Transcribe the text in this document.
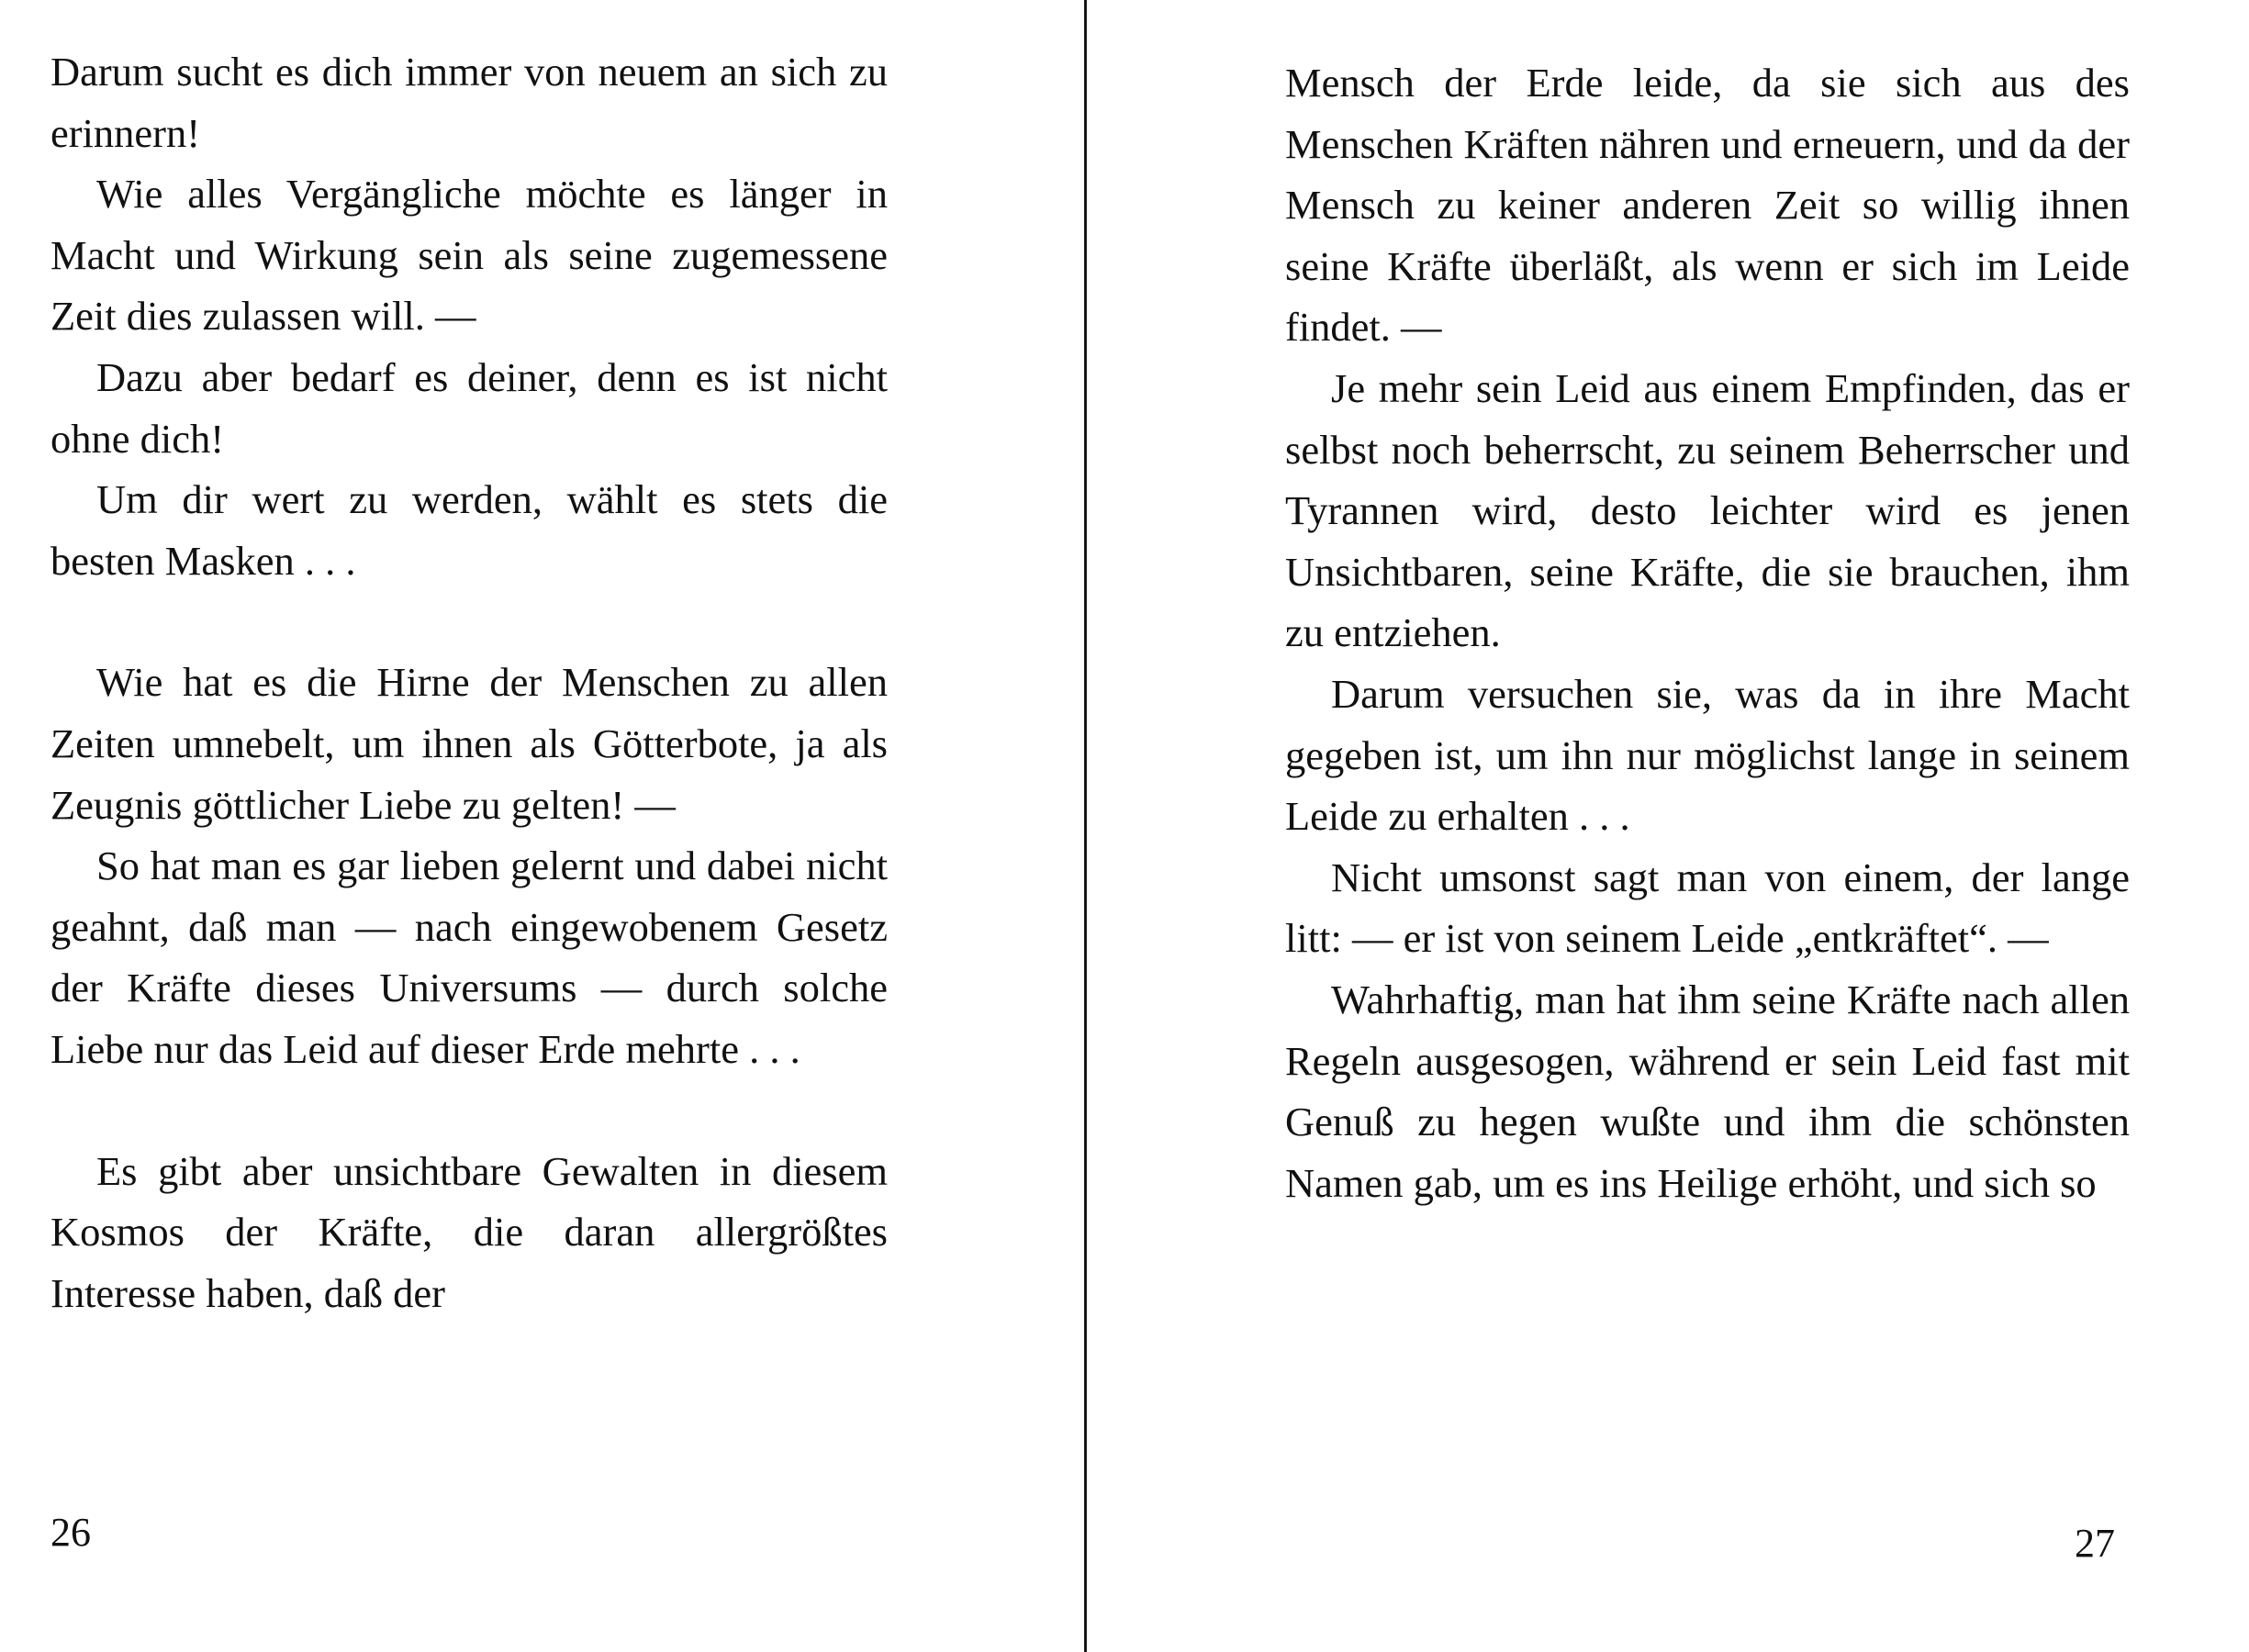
Darum sucht es dich immer von neuem an sich zu erinnern!

Wie alles Vergängliche möchte es länger in Macht und Wirkung sein als seine zugemessene Zeit dies zulassen will. —

Dazu aber bedarf es deiner, denn es ist nicht ohne dich!

Um dir wert zu werden, wählt es stets die besten Masken . . .

Wie hat es die Hirne der Menschen zu allen Zeiten umnebelt, um ihnen als Götterbote, ja als Zeugnis göttlicher Liebe zu gelten! —

So hat man es gar lieben gelernt und dabei nicht geahnt, daß man — nach eingewobenem Gesetz der Kräfte dieses Universums — durch solche Liebe nur das Leid auf dieser Erde mehrte . . .

Es gibt aber unsichtbare Gewalten in diesem Kosmos der Kräfte, die daran allergrößtes Interesse haben, daß der

26

Mensch der Erde leide, da sie sich aus des Menschen Kräften nähren und erneuern, und da der Mensch zu keiner anderen Zeit so willig ihnen seine Kräfte überläßt, als wenn er sich im Leide findet. —

Je mehr sein Leid aus einem Empfinden, das er selbst noch beherrscht, zu seinem Beherrscher und Tyrannen wird, desto leichter wird es jenen Unsichtbaren, seine Kräfte, die sie brauchen, ihm zu entziehen.

Darum versuchen sie, was da in ihre Macht gegeben ist, um ihn nur möglichst lange in seinem Leide zu erhalten . . .

Nicht umsonst sagt man von einem, der lange litt: — er ist von seinem Leide „entkräftet“. —

Wahrhaftig, man hat ihm seine Kräfte nach allen Regeln ausgesogen, während er sein Leid fast mit Genuß zu hegen wußte und ihm die schönsten Namen gab, um es ins Heilige erhöht, und sich so

27
